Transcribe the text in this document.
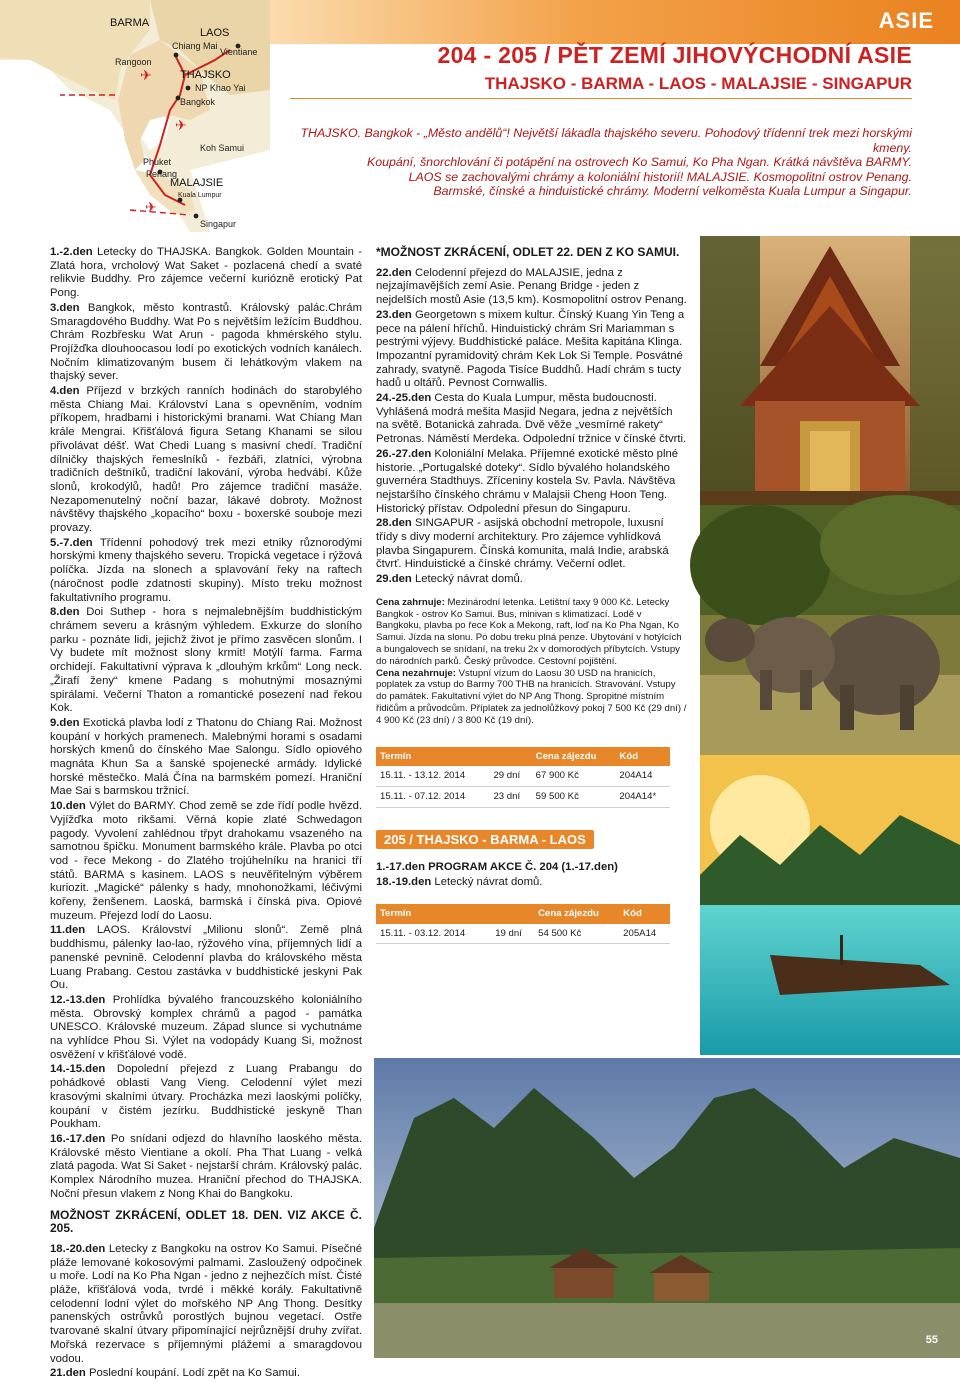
ASIE
✈
✈
✈
BARMA
LAOS
Chiang Mai
Vientiane
Rangoon
THAJSKO
NP Khao Yai
Bangkok
Koh Samui
Phuket
Penang
MALAJSIE
Kuala Lumpur
Singapur
204 - 205 / PĚT ZEMÍ JIHOVÝCHODNÍ ASIE
THAJSKO - BARMA - LAOS - MALAJSIE - SINGAPUR

THAJSKO. Bangkok - „Město andělů“! Největší lákadla thajského severu. Pohodový třídenní trek mezi horskými kmeny.

Koupání, šnorchlování či potápění na ostrovech Ko Samui, Ko Pha Ngan. Krátká návštěva BARMY.

LAOS se zachovalými chrámy a koloniální historií! MALAJSIE. Kosmopolitní ostrov Penang.

Barmské, čínské a hinduistické chrámy. Moderní velkoměsta Kuala Lumpur a Singapur.

1.-2.den Letecky do THAJSKA. Bangkok. Golden Mountain - Zlatá hora, vrcholový Wat Saket - pozlacená chedí a svaté relikvie Buddhy. Pro zájemce večerní kuriózně erotický Pat Pong.

3.den Bangkok, město kontrastů. Královský palác.Chrám Smaragdového Buddhy. Wat Po s největším ležícím Buddhou. Chrám Rozbřesku Wat Arun - pagoda khmérského stylu. Projížďka dlouhoocasou lodí po exotických vodních kanálech. Nočním klimatizovaným busem či lehátkovým vlakem na thajský sever.

4.den Příjezd v brzkých ranních hodinách do starobylého města Chiang Mai. Království Lana s opevněním, vodním příkopem, hradbami i historickými branami. Wat Chiang Man krále Mengrai. Křišťálová figura Setang Khanami se silou přivolávat déšť. Wat Chedi Luang s masivní chedí. Tradiční dílničky thajských řemeslníků - řezbáři, zlatníci, výrobna tradičních deštníků, tradiční lakování, výroba hedvábí. Kůže slonů, krokodýlů, hadů! Pro zájemce tradiční masáže. Nezapomenutelný noční bazar, lákavé dobroty. Možnost návštěvy thajského „kopacího“ boxu - boxerské souboje mezi provazy.

5.-7.den Třídenní pohodový trek mezi etniky různorodými horskými kmeny thajského severu. Tropická vegetace i rýžová políčka. Jízda na slonech a splavování řeky na raftech (náročnost podle zdatnosti skupiny). Místo treku možnost fakultativního programu.

8.den Doi Suthep - hora s nejmalebnějším buddhistickým chrámem severu a krásným výhledem. Exkurze do sloního parku - poznáte lidi, jejichž život je přímo zasvěcen slonům. I Vy budete mít možnost slony krmit! Motýlí farma. Farma orchidejí. Fakultativní výprava k „dlouhým krkům“ Long neck. „Žirafí ženy“ kmene Padang s mohutnými mosaznými spirálami. Večerní Thaton a romantické posezení nad řekou Kok.

9.den Exotická plavba lodí z Thatonu do Chiang Rai. Možnost koupání v horkých pramenech. Malebnými horami s osadami horských kmenů do čínského Mae Salongu. Sídlo opiového magnáta Khun Sa a šanské spojenecké armády. Idylické horské městečko. Malá Čína na barmském pomezí. Hraniční Mae Sai s barmskou tržnicí.

10.den Výlet do BARMY. Chod země se zde řídí podle hvězd. Vyjížďka moto rikšami. Věrná kopie zlaté Schwedagon pagody. Vyvolení zahlédnou třpyt drahokamu vsazeného na samotnou špičku. Monument barmského krále. Plavba po otci vod - řece Mekong - do Zlatého trojúhelníku na hranici tří států. BARMA s kasinem. LAOS s neuvěřitelným výběrem kuriozit. „Magické“ pálenky s hady, mnohonožkami, léčivými kořeny, ženšenem. Laoská, barmská i čínská piva. Opiové muzeum. Přejezd lodí do Laosu.

11.den LAOS. Království „Milionu slonů“. Země plná buddhismu, pálenky lao-lao, rýžového vína, příjemných lidí a panenské pevnině. Celodenní plavba do královského města Luang Prabang. Cestou zastávka v buddhistické jeskyni Pak Ou.

12.-13.den Prohlídka bývalého francouzského koloniálního města. Obrovský komplex chrámů a pagod - památka UNESCO. Královské muzeum. Západ slunce si vychutnáme na vyhlídce Phou Si. Výlet na vodopády Kuang Si, možnost osvěžení v křišťálové vodě.

14.-15.den Dopolední přejezd z Luang Prabangu do pohádkové oblasti Vang Vieng. Celodenní výlet mezi krasovými skalními útvary. Procházka mezi laoskými políčky, koupání v čistém jezírku. Buddhistické jeskyně Than Poukham.

16.-17.den Po snídani odjezd do hlavního laoského města. Královské město Vientiane a okolí. Pha That Luang - velká zlatá pagoda. Wat Si Saket - nejstarší chrám. Královský palác. Komplex Národního muzea. Hraniční přechod do THAJSKA. Noční přesun vlakem z Nong Khai do Bangkoku.

MOŽNOST ZKRÁCENÍ, ODLET 18. DEN. VIZ AKCE Č. 205.

18.-20.den Letecky z Bangkoku na ostrov Ko Samui. Písečné pláže lemované kokosovými palmami. Zasloužený odpočinek u moře. Lodí na Ko Pha Ngan - jedno z nejhezčích míst. Čisté pláže, křišťálová voda, tvrdé i měkké korály. Fakultativně celodenní lodní výlet do mořského NP Ang Thong. Desítky panenských ostrůvků porostlých bujnou vegetací. Ostře tvarované skalní útvary připomínající nejrůznější druhy zvířat. Mořská rezervace s příjemnými plážemi a smaragdovou vodou.

21.den Poslední koupání. Lodí zpět na Ko Samui.

*MOŽNOST ZKRÁCENÍ, ODLET 22. DEN Z KO SAMUI.

22.den Celodenní přejezd do MALAJSIE, jedna z nejzajímavějších zemí Asie. Penang Bridge - jeden z nejdelších mostů Asie (13,5 km). Kosmopolitní ostrov Penang.

23.den Georgetown s mixem kultur. Čínský Kuang Yin Teng a pece na pálení hříchů. Hinduistický chrám Sri Mariamman s pestrými výjevy. Buddhistické paláce. Mešita kapitána Klinga. Impozantní pyramidovitý chrám Kek Lok Si Temple. Posvátné zahrady, svatyně. Pagoda Tisíce Buddhů. Hadí chrám s tucty hadů u oltářů. Pevnost Cornwallis.

24.-25.den Cesta do Kuala Lumpur, města budoucnosti. Vyhlášená modrá mešita Masjid Negara, jedna z největších na světě. Botanická zahrada. Dvě věže „vesmírné rakety“ Petronas. Náměstí Merdeka. Odpolední tržnice v čínské čtvrti.

26.-27.den Koloniální Melaka. Příjemné exotické město plné historie. „Portugalské doteky“. Sídlo bývalého holandského guvernéra Stadthuys. Zříceniny kostela Sv. Pavla. Návštěva nejstaršího čínského chrámu v Malajsii Cheng Hoon Teng. Historický přístav. Odpolední přesun do Singapuru.

28.den SINGAPUR - asijská obchodní metropole, luxusní třídy s divy moderní architektury. Pro zájemce vyhlídková plavba Singapurem. Čínská komunita, malá Indie, arabská čtvrť. Hinduistické a čínské chrámy. Večerní odlet.

29.den Letecký návrat domů.

Cena zahrnuje: Mezinárodní letenka. Letištní taxy 9 000 Kč. Letecky Bangkok - ostrov Ko Samui. Bus, minivan s klimatizací. Lodě v Bangkoku, plavba po řece Kok a Mekong, raft, loď na Ko Pha Ngan, Ko Samui. Jízda na slonu. Po dobu treku plná penze. Ubytování v hotýlcích a bungalovech se snídaní, na treku 2x v domorodých příbytcích. Vstupy do národních parků. Český průvodce. Cestovní pojištění.

Cena nezahrnuje: Vstupní vízum do Laosu 30 USD na hranicích, poplatek za vstup do Barmy 700 THB na hranicích. Stravování. Vstupy do památek. Fakultativní výlet do NP Ang Thong. Spropitné místním řidičům a průvodcům. Příplatek za jednolůžkový pokoj 7 500 Kč (29 dní) / 4 900 Kč (23 dní) / 3 800 Kč (19 dní).

Termín		Cena zájezdu	Kód
15.11. - 13.12. 2014	29 dní	67 900 Kč	204A14
15.11. - 07.12. 2014	23 dní	59 500 Kč	204A14*
205 / THAJSKO - BARMA - LAOS

1.-17.den PROGRAM AKCE Č. 204 (1.-17.den)

18.-19.den Letecký návrat domů.

Termín		Cena zájezdu	Kód
15.11. - 03.12. 2014	19 dní	54 500 Kč	205A14
55
